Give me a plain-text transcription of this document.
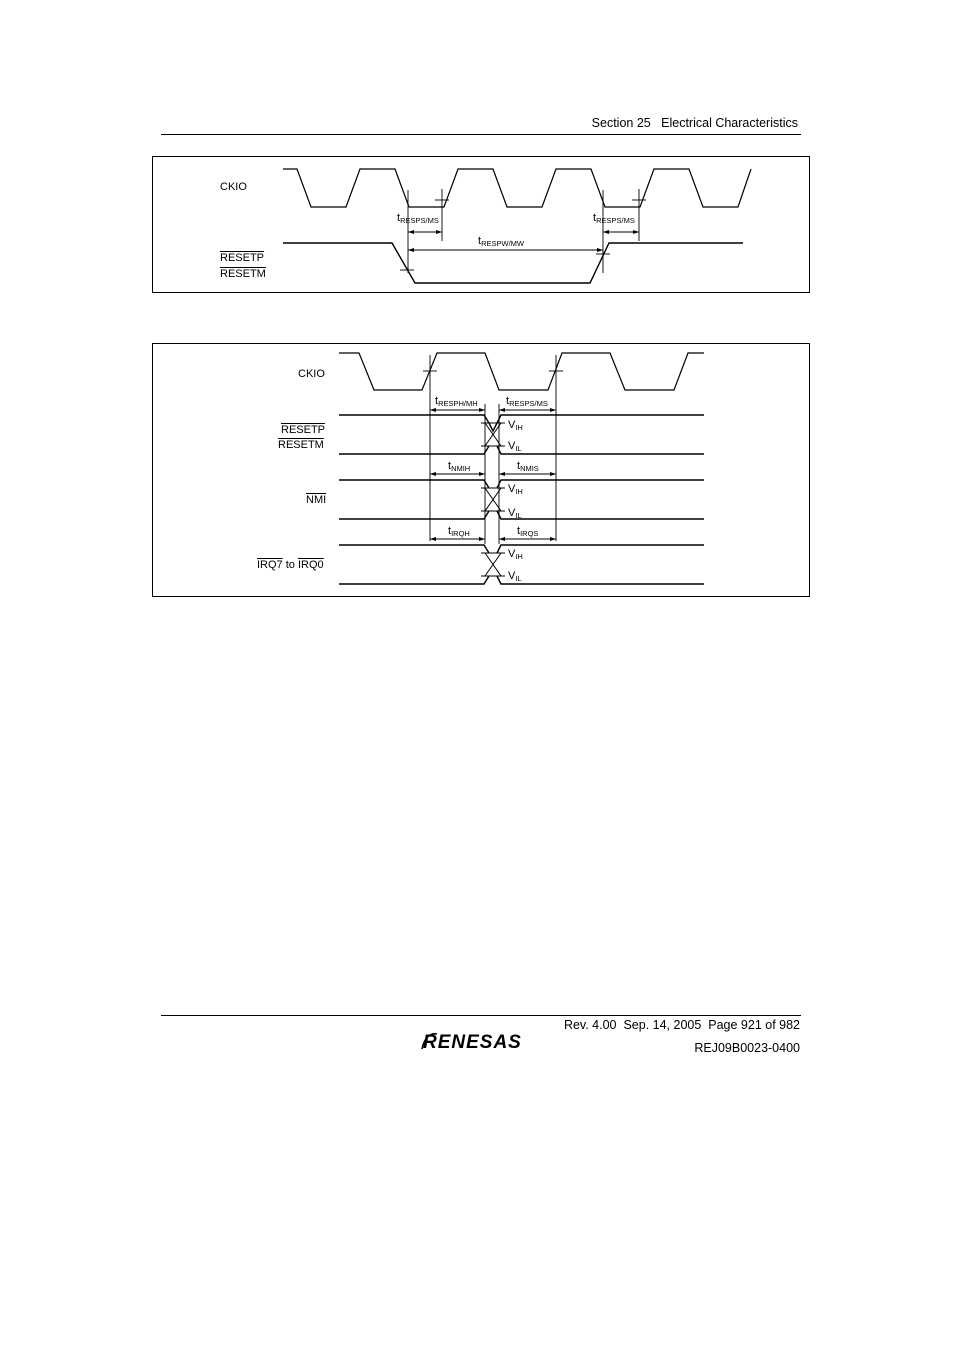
Section 25   Electrical Characteristics
CKIO
RESETP
RESETM
$t_{RESPS/MS}$
$t_{RESPW/MW}$
$t_{RESPS/MS}$
CKIO
RESETP
RESETM
$\overline{NMI}$
IRQ7 to IRQ0
$t_{RESPH/MH}$	$t_{RESPS/MS}$
$t_{NMIH}$	$t_{NMIS}$
$t_{IRQH}$	$t_{IRQS}$
$V_{IH}$
$V_{IL}$
$V_{IH}$
$V_{IL}$
$V_{IH}$
$V_{IL}$
Rev. 4.00  Sep. 14, 2005  Page 921 of 982
REJ09B0023-0400
RENESAS
